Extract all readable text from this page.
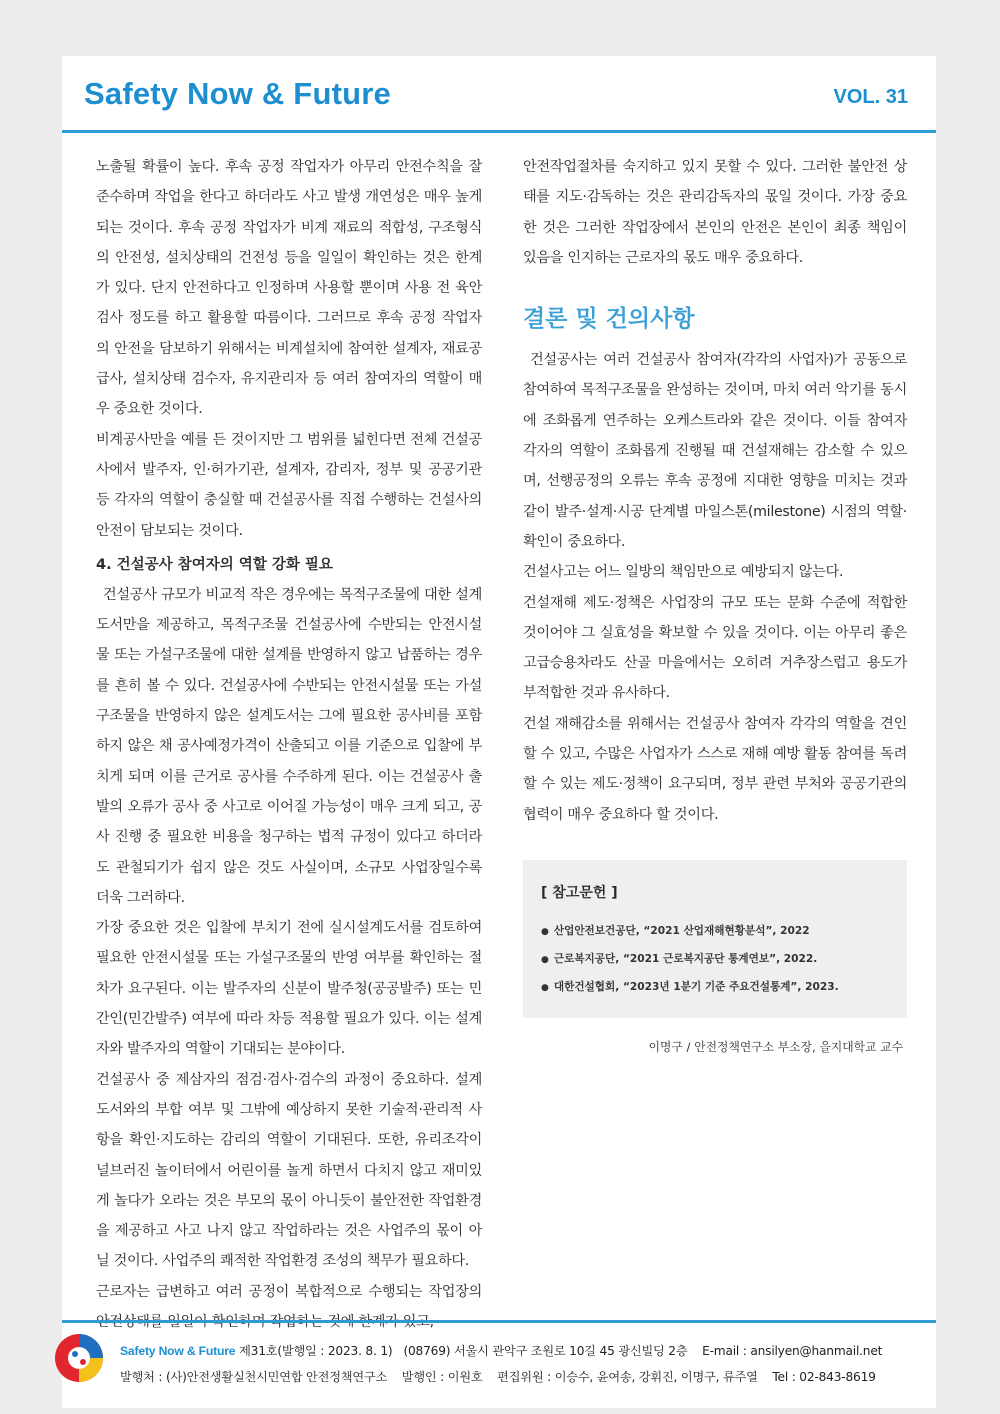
Safety Now & Future	VOL. 31

노출될 확률이 높다. 후속 공정 작업자가 아무리 안전수칙을 잘 준수하며 작업을 한다고 하더라도 사고 발생 개연성은 매우 높게 되는 것이다. 후속 공정 작업자가 비계 재료의 적합성, 구조형식의 안전성, 설치상태의 건전성 등을 일일이 확인하는 것은 한계가 있다. 단지 안전하다고 인정하며 사용할 뿐이며 사용 전 육안검사 정도를 하고 활용할 따름이다. 그러므로 후속 공정 작업자의 안전을 담보하기 위해서는 비계설치에 참여한 설계자, 재료공급사, 설치상태 검수자, 유지관리자 등 여러 참여자의 역할이 매우 중요한 것이다.

비계공사만을 예를 든 것이지만 그 범위를 넓힌다면 전체 건설공사에서 발주자, 인·허가기관, 설계자, 감리자, 정부 및 공공기관 등 각자의 역할이 충실할 때 건설공사를 직접 수행하는 건설사의 안전이 담보되는 것이다.

4. 건설공사 참여자의 역할 강화 필요

건설공사 규모가 비교적 작은 경우에는 목적구조물에 대한 설계도서만을 제공하고, 목적구조물 건설공사에 수반되는 안전시설물 또는 가설구조물에 대한 설계를 반영하지 않고 납품하는 경우를 흔히 볼 수 있다. 건설공사에 수반되는 안전시설물 또는 가설구조물을 반영하지 않은 설계도서는 그에 필요한 공사비를 포함하지 않은 채 공사예정가격이 산출되고 이를 기준으로 입찰에 부치게 되며 이를 근거로 공사를 수주하게 된다. 이는 건설공사 출발의 오류가 공사 중 사고로 이어질 가능성이 매우 크게 되고, 공사 진행 중 필요한 비용을 청구하는 법적 규정이 있다고 하더라도 관철되기가 쉽지 않은 것도 사실이며, 소규모 사업장일수록 더욱 그러하다.

가장 중요한 것은 입찰에 부치기 전에 실시설계도서를 검토하여 필요한 안전시설물 또는 가설구조물의 반영 여부를 확인하는 절차가 요구된다. 이는 발주자의 신분이 발주청(공공발주) 또는 민간인(민간발주) 여부에 따라 차등 적용할 필요가 있다. 이는 설계자와 발주자의 역할이 기대되는 분야이다.

건설공사 중 제삼자의 점검·검사·검수의 과정이 중요하다. 설계도서와의 부합 여부 및 그밖에 예상하지 못한 기술적·관리적 사항을 확인·지도하는 감리의 역할이 기대된다. 또한, 유리조각이 널브러진 놀이터에서 어린이를 놀게 하면서 다치지 않고 재미있게 놀다가 오라는 것은 부모의 몫이 아니듯이 불안전한 작업환경을 제공하고 사고 나지 않고 작업하라는 것은 사업주의 몫이 아닐 것이다. 사업주의 쾌적한 작업환경 조성의 책무가 필요하다.

근로자는 급변하고 여러 공정이 복합적으로 수행되는 작업장의 안전상태를 일일이 확인하며 작업하는 것에 한계가 있고,

안전작업절차를 숙지하고 있지 못할 수 있다. 그러한 불안전 상태를 지도·감독하는 것은 관리감독자의 몫일 것이다. 가장 중요한 것은 그러한 작업장에서 본인의 안전은 본인이 최종 책임이 있음을 인지하는 근로자의 몫도 매우 중요하다.

결론 및 건의사항

건설공사는 여러 건설공사 참여자(각각의 사업자)가 공동으로 참여하여 목적구조물을 완성하는 것이며, 마치 여러 악기를 동시에 조화롭게 연주하는 오케스트라와 같은 것이다. 이들 참여자 각자의 역할이 조화롭게 진행될 때 건설재해는 감소할 수 있으며, 선행공정의 오류는 후속 공정에 지대한 영향을 미치는 것과 같이 발주·설계·시공 단계별 마일스톤(milestone) 시점의 역할·확인이 중요하다.

건설사고는 어느 일방의 책임만으로 예방되지 않는다.

건설재해 제도·정책은 사업장의 규모 또는 문화 수준에 적합한 것이어야 그 실효성을 확보할 수 있을 것이다. 이는 아무리 좋은 고급승용차라도 산골 마을에서는 오히려 거추장스럽고 용도가 부적합한 것과 유사하다.

건설 재해감소를 위해서는 건설공사 참여자 각각의 역할을 견인할 수 있고, 수많은 사업자가 스스로 재해 예방 활동 참여를 독려할 수 있는 제도·정책이 요구되며, 정부 관련 부처와 공공기관의 협력이 매우 중요하다 할 것이다.

[ 참고문헌 ]
● 산업안전보건공단, “2021 산업재해현황분석”, 2022
● 근로복지공단, “2021 근로복지공단 통계연보”, 2022.
● 대한건설협회, “2023년 1분기 기준 주요건설통계”, 2023.
이명구 / 안전정책연구소 부소장, 을지대학교 교수
Safety Now & Future 제31호(발행일 : 2023. 8. 1)   (08769) 서울시 관악구 조원로 10길 45 광신빌딩 2층    E-mail : ansilyen@hanmail.net
발행처 : (사)안전생활실천시민연합 안전정책연구소    발행인 : 이원호    편집위원 : 이승수, 윤여송, 강휘진, 이명구, 류주열    Tel : 02-843-8619
